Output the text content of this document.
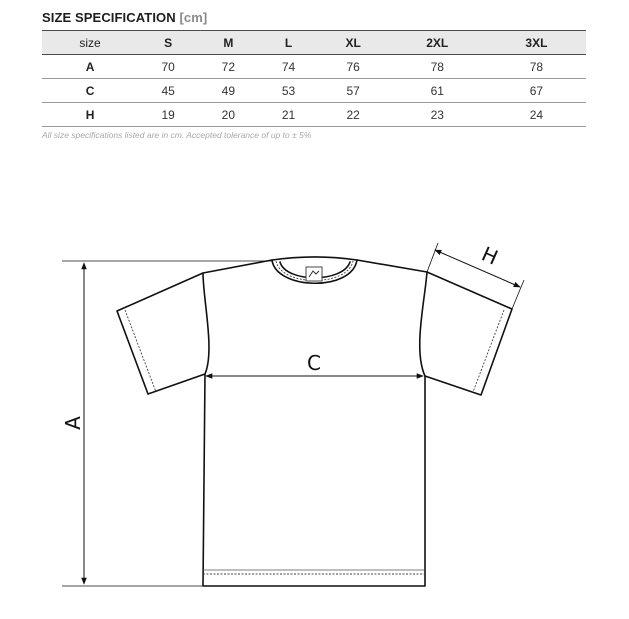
SIZE SPECIFICATION [cm]
size	S	M	L	XL	2XL	3XL
A	70	72	74	76	78	78
C	45	49	53	57	61	67
H	19	20	21	22	23	24
All size specifications listed are in cm. Accepted tolerance of up to ± 5%
A
C
H
